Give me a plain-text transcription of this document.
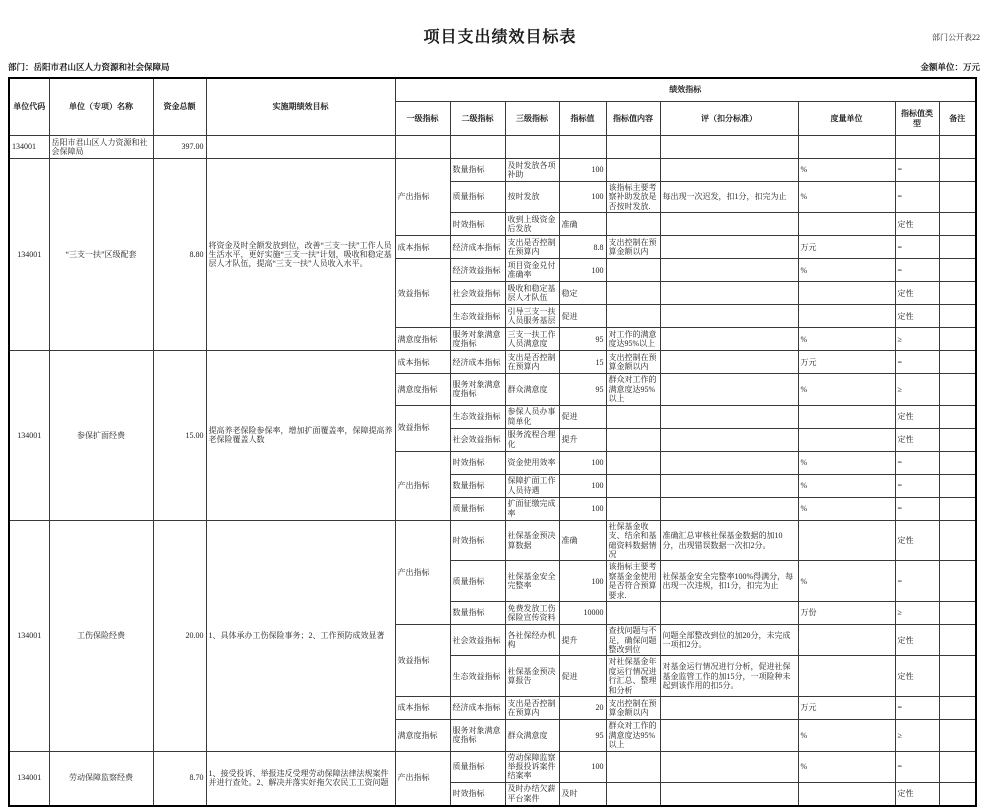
部门公开表22
项目支出绩效目标表
部门：岳阳市君山区人力资源和社会保障局	金额单位：万元
单位代码	单位（专项）名称	资金总额	实施期绩效目标	绩效指标								
				一级指标	二级指标	三级指标	指标值	指标值内容	评（扣分标准）	度量单位	指标值类型	备注
134001	岳阳市君山区人力资源和社会保障局	397.00										
134001	“三支一扶”区级配套	8.80	将资金及时全额发放到位，改善“三支一扶”工作人员生活水平，更好实施“三支一扶”计划，吸收和稳定基层人才队伍，提高“三支一扶”人员收入水平。	产出指标	数量指标	及时发放各项补助	100			%	=	
					质量指标	按时发放	100	该指标主要考察补助发放是否按时发放.	每出现一次迟发，扣1分，扣完为止	%	=	
					时效指标	收到上级资金后发放	准确				定性	
				成本指标	经济成本指标	支出是否控制在预算内	8.8	支出控制在预算金额以内		万元	=	
				效益指标	经济效益指标	项目资金兑付准确率	100			%	=	
					社会效益指标	吸收和稳定基层人才队伍	稳定				定性	
					生态效益指标	引导三支一扶人员服务基层	促进				定性	
				满意度指标	服务对象满意度指标	三支一扶工作人员满意度	95	对工作的满意度达95%以上		%	≥	
134001	参保扩面经费	15.00	提高养老保险参保率，增加扩面覆盖率，保障提高养老保险覆盖人数	成本指标	经济成本指标	支出是否控制在预算内	15	支出控制在预算金额以内		万元	=	
				满意度指标	服务对象满意度指标	群众满意度	95	群众对工作的满意度达95%以上		%	≥	
				效益指标	生态效益指标	参保人员办事简单化	促进				定性	
					社会效益指标	服务流程合理化	提升				定性	
				产出指标	时效指标	资金使用效率	100			%	=	
					数量指标	保障扩面工作人员待遇	100			%	=	
					质量指标	扩面征缴完成率	100			%	=	
134001	工伤保险经费	20.00	1、具体承办工伤保险事务；2、工作预防成效显著	产出指标	时效指标	社保基金预决算数据	准确	社保基金收支、结余和基础资料数据情况	准确汇总审核社保基金数据的加10分，出现错误数据一次扣2分。		定性	
					质量指标	社保基金安全完整率	100	该指标主要考察基金金使用是否符合预算要求.	社保基金安全完整率100%得满分，每出现一次违规，扣1分，扣完为止	%	=	
					数量指标	免费发放工伤保险宣传资料	10000			万份	≥	
				效益指标	社会效益指标	各社保经办机构	提升	查找问题与不足，确保问题整改到位	问题全部整改到位的加20分，未完成一项扣2分。		定性	
					生态效益指标	社保基金预决算报告	促进	对社保基金年度运行情况进行汇总、整理和分析	对基金运行情况进行分析，促进社保基金监管工作的加15分，一项险种未起到该作用的扣5分。		定性	
				成本指标	经济成本指标	支出是否控制在预算内	20	支出控制在预算金额以内		万元	=	
				满意度指标	服务对象满意度指标	群众满意度	95	群众对工作的满意度达95%以上		%	≥	
134001	劳动保障监察经费	8.70	1、接受投诉、举报违反受理劳动保障法律法规案件并进行查处。2、解决并落实好拖欠农民工工资问题	产出指标	质量指标	劳动保障监察举报投诉案件结案率	100			%	=	
					时效指标	及时办结欠薪平台案件	及时				定性	
